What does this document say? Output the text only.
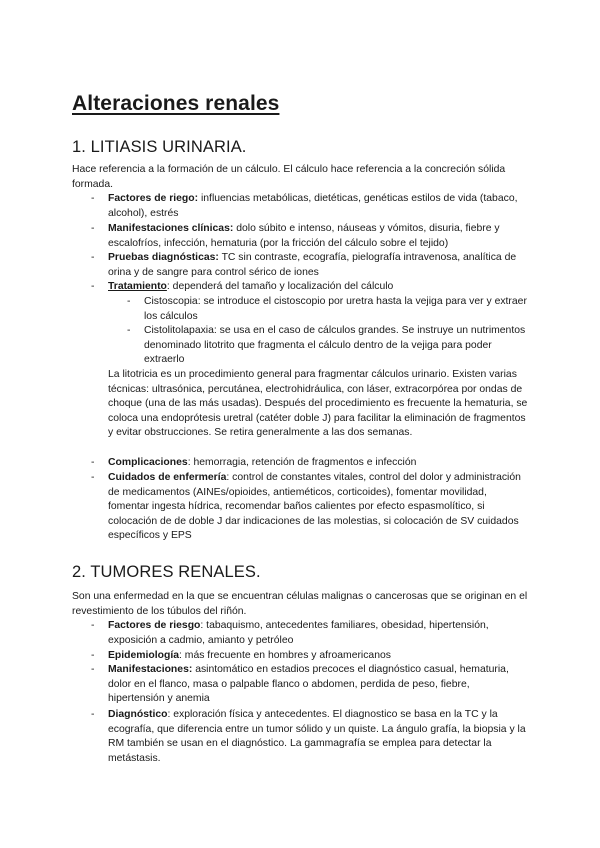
Alteraciones renales
1. LITIASIS URINARIA.

Hace referencia a la formación de un cálculo. El cálculo hace referencia a la concreción sólida formada.

- Factores de riego: influencias metabólicas, dietéticas, genéticas estilos de vida (tabaco, alcohol), estrés

- Manifestaciones clínicas: dolo súbito e intenso, náuseas y vómitos, disuria, fiebre y escalofríos, infección, hematuria (por la fricción del cálculo sobre el tejido)

- Pruebas diagnósticas: TC sin contraste, ecografía, pielografía intravenosa, analítica de orina y de sangre para control sérico de iones

- Tratamiento: dependerá del tamaño y localización del cálculo

- Cistoscopia: se introduce el cistoscopio por uretra hasta la vejiga para ver y extraer los cálculos

- Cistolitolapaxia: se usa en el caso de cálculos grandes. Se instruye un nutrimentos denominado litotrito que fragmenta el cálculo dentro de la vejiga para poder extraerlo

La litotricia es un procedimiento general para fragmentar cálculos urinario. Existen varias técnicas: ultrasónica, percutánea, electrohidráulica, con láser, extracorpórea por ondas de choque (una de las más usadas). Después del procedimiento es frecuente la hematuria, se coloca una endoprótesis uretral (catéter doble J) para facilitar la eliminación de fragmentos y evitar obstrucciones. Se retira generalmente a las dos semanas.

- Complicaciones: hemorragia, retención de fragmentos e infección

- Cuidados de enfermería: control de constantes vitales, control del dolor y administración de medicamentos (AINEs/opioides, antieméticos, corticoides), fomentar movilidad, fomentar ingesta hídrica, recomendar baños calientes por efecto espasmolítico, si colocación de de doble J dar indicaciones de las molestias, si colocación de SV cuidados específicos y EPS

2. TUMORES RENALES.

Son una enfermedad en la que se encuentran células malignas o cancerosas que se originan en el revestimiento de los túbulos del riñón.

- Factores de riesgo: tabaquismo, antecedentes familiares, obesidad, hipertensión, exposición a cadmio, amianto y petróleo

- Epidemiología: más frecuente en hombres y afroamericanos

- Manifestaciones: asintomático en estadios precoces el diagnóstico casual, hematuria, dolor en el flanco, masa o palpable flanco o abdomen, perdida de peso, fiebre, hipertensión y anemia

- Diagnóstico: exploración física y antecedentes. El diagnostico se basa en la TC y la ecografía, que diferencia entre un tumor sólido y un quiste. La ángulo grafía, la biopsia y la RM también se usan en el diagnóstico. La gammagrafía se emplea para detectar la metástasis.
